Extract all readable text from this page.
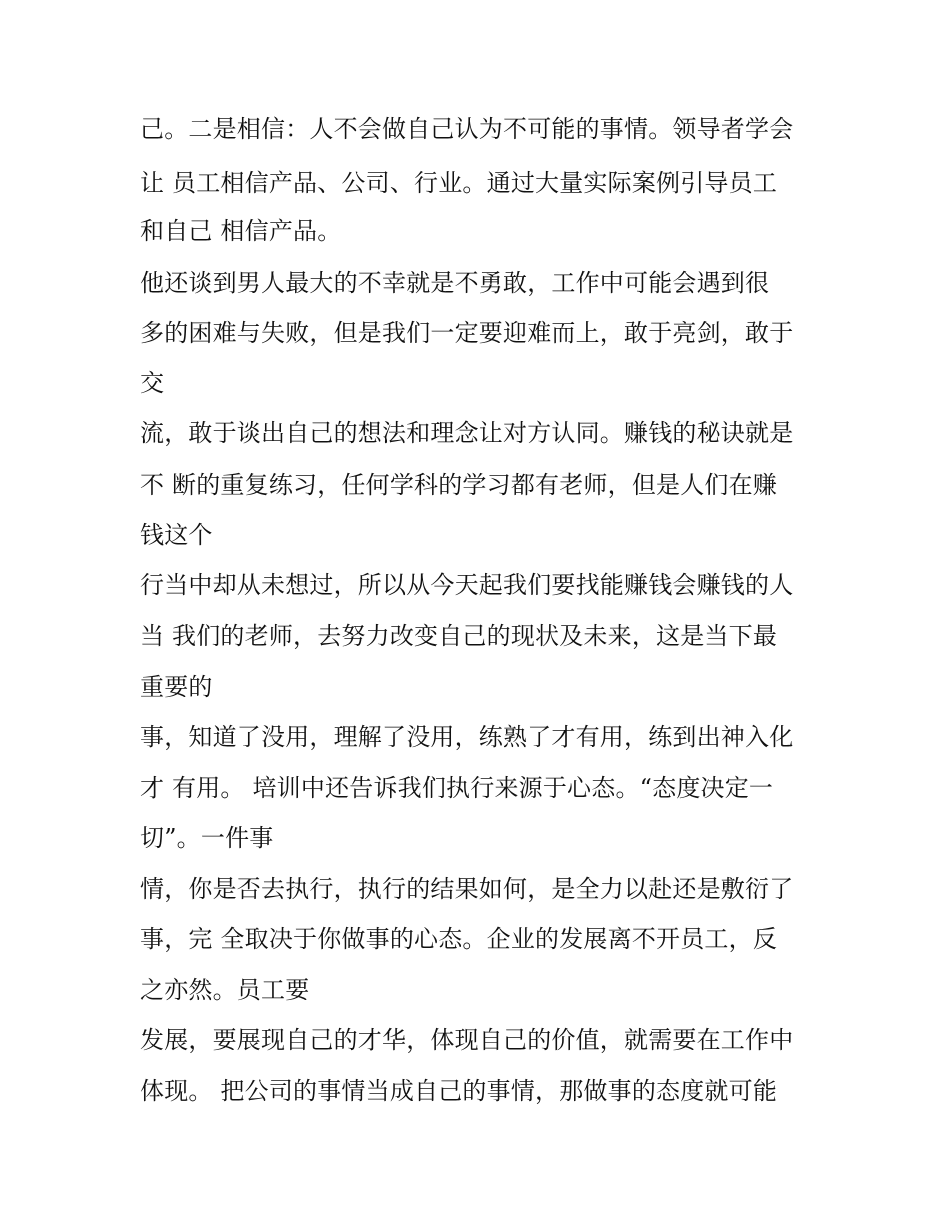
己。二是相信：人不会做自己认为不可能的事情。领导者学会
让 员工相信产品、公司、行业。通过大量实际案例引导员工
和自己 相信产品。
他还谈到男人最大的不幸就是不勇敢，工作中可能会遇到很
多的困难与失败，但是我们一定要迎难而上，敢于亮剑，敢于
交
流，敢于谈出自己的想法和理念让对方认同。赚钱的秘诀就是
不 断的重复练习，任何学科的学习都有老师，但是人们在赚
钱这个
行当中却从未想过，所以从今天起我们要找能赚钱会赚钱的人
当 我们的老师，去努力改变自己的现状及未来，这是当下最
重要的
事，知道了没用，理解了没用，练熟了才有用，练到出神入化
才 有用。 培训中还告诉我们执行来源于心态。“态度决定一
切”。一件事
情，你是否去执行，执行的结果如何，是全力以赴还是敷衍了
事，完 全取决于你做事的心态。企业的发展离不开员工，反
之亦然。员工要
发展，要展现自己的才华，体现自己的价值，就需要在工作中
体现。 把公司的事情当成自己的事情，那做事的态度就可能
